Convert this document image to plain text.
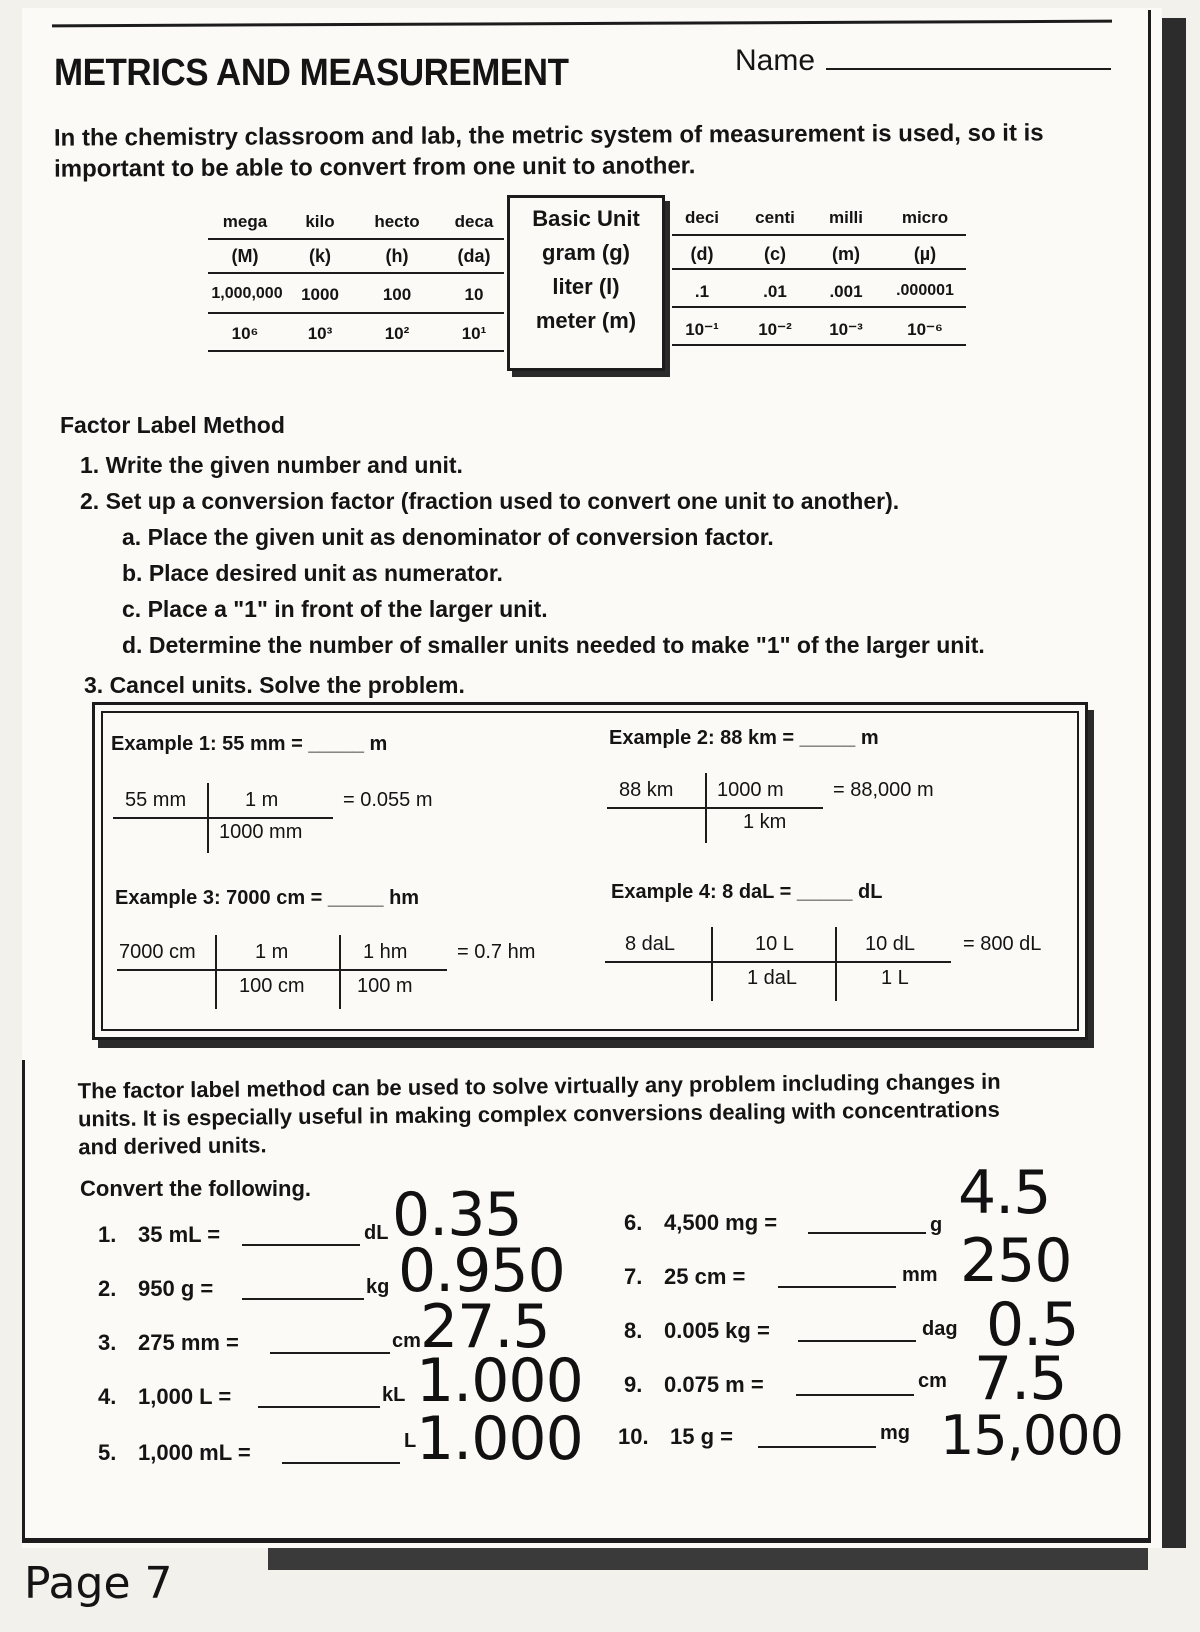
METRICS AND MEASUREMENT	Name
In the chemistry classroom and lab, the metric system of measurement is used, so it is
important to be able to convert from one unit to another.
mega	kilo	hecto	deca
(M)	(k)	(h)	(da)
1,000,000	1000	100	10
10⁶	10³	10²	10¹
Basic Unit
gram (g)
liter (l)
meter (m)
deci	centi	milli	micro
(d)	(c)	(m)	(µ)
.1	.01	.001	.000001
10⁻¹	10⁻²	10⁻³	10⁻⁶
Factor Label Method
1. Write the given number and unit.
2. Set up a conversion factor (fraction used to convert one unit to another).
a. Place the given unit as denominator of conversion factor.
b. Place desired unit as numerator.
c. Place a "1" in front of the larger unit.
d. Determine the number of smaller units needed to make "1" of the larger unit.
3. Cancel units. Solve the problem.
Example 1: 55 mm = _____ m
55 mm	1 m
1000 mm
= 0.055 m
Example 2: 88 km = _____ m
88 km 1000 m
1 km
= 88,000 m
Example 3: 7000 cm = _____ hm
7000 cm	1 m
100 cm
1 hm
100 m
= 0.7 hm
Example 4: 8 daL = _____ dL
8 daL	10 L
1 daL
10 dL
1 L
= 800 dL
The factor label method can be used to solve virtually any problem including changes in
units. It is especially useful in making complex conversions dealing with concentrations
and derived units.
Convert the following.
1. 35 mL =	dL 0.35
2. 950 g =	kg 0.950
3. 275 mm =	cm 27.5
4. 1,000 L =	kL 1.000
5. 1,000 mL =	L 1.000
6. 4,500 mg =	g 4.5
7. 25 cm =	mm 250
8. 0.005 kg =	dag 0.5
9. 0.075 m =	cm 7.5
10. 15 g =	mg 15,000
Page 7
